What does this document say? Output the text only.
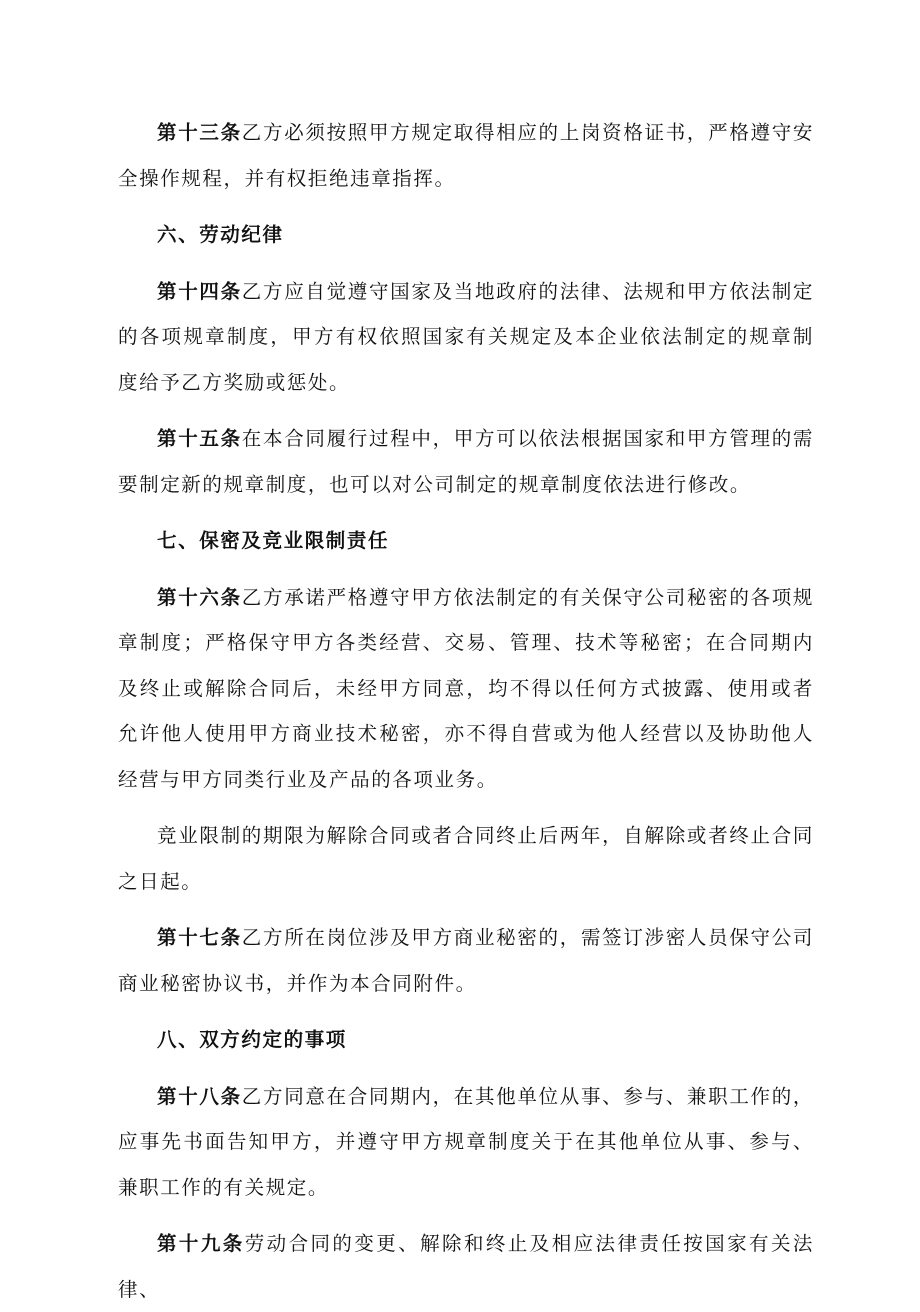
第十三条乙方必须按照甲方规定取得相应的上岗资格证书，严格遵守安全操作规程，并有权拒绝违章指挥。

六、劳动纪律

第十四条乙方应自觉遵守国家及当地政府的法律、法规和甲方依法制定的各项规章制度，甲方有权依照国家有关规定及本企业依法制定的规章制度给予乙方奖励或惩处。

第十五条在本合同履行过程中，甲方可以依法根据国家和甲方管理的需要制定新的规章制度，也可以对公司制定的规章制度依法进行修改。

七、保密及竞业限制责任

第十六条乙方承诺严格遵守甲方依法制定的有关保守公司秘密的各项规章制度；严格保守甲方各类经营、交易、管理、技术等秘密；在合同期内及终止或解除合同后，未经甲方同意，均不得以任何方式披露、使用或者允许他人使用甲方商业技术秘密，亦不得自营或为他人经营以及协助他人经营与甲方同类行业及产品的各项业务。

竞业限制的期限为解除合同或者合同终止后两年，自解除或者终止合同之日起。

第十七条乙方所在岗位涉及甲方商业秘密的，需签订涉密人员保守公司商业秘密协议书，并作为本合同附件。

八、双方约定的事项

第十八条乙方同意在合同期内，在其他单位从事、参与、兼职工作的，应事先书面告知甲方，并遵守甲方规章制度关于在其他单位从事、参与、兼职工作的有关规定。

第十九条劳动合同的变更、解除和终止及相应法律责任按国家有关法律、
